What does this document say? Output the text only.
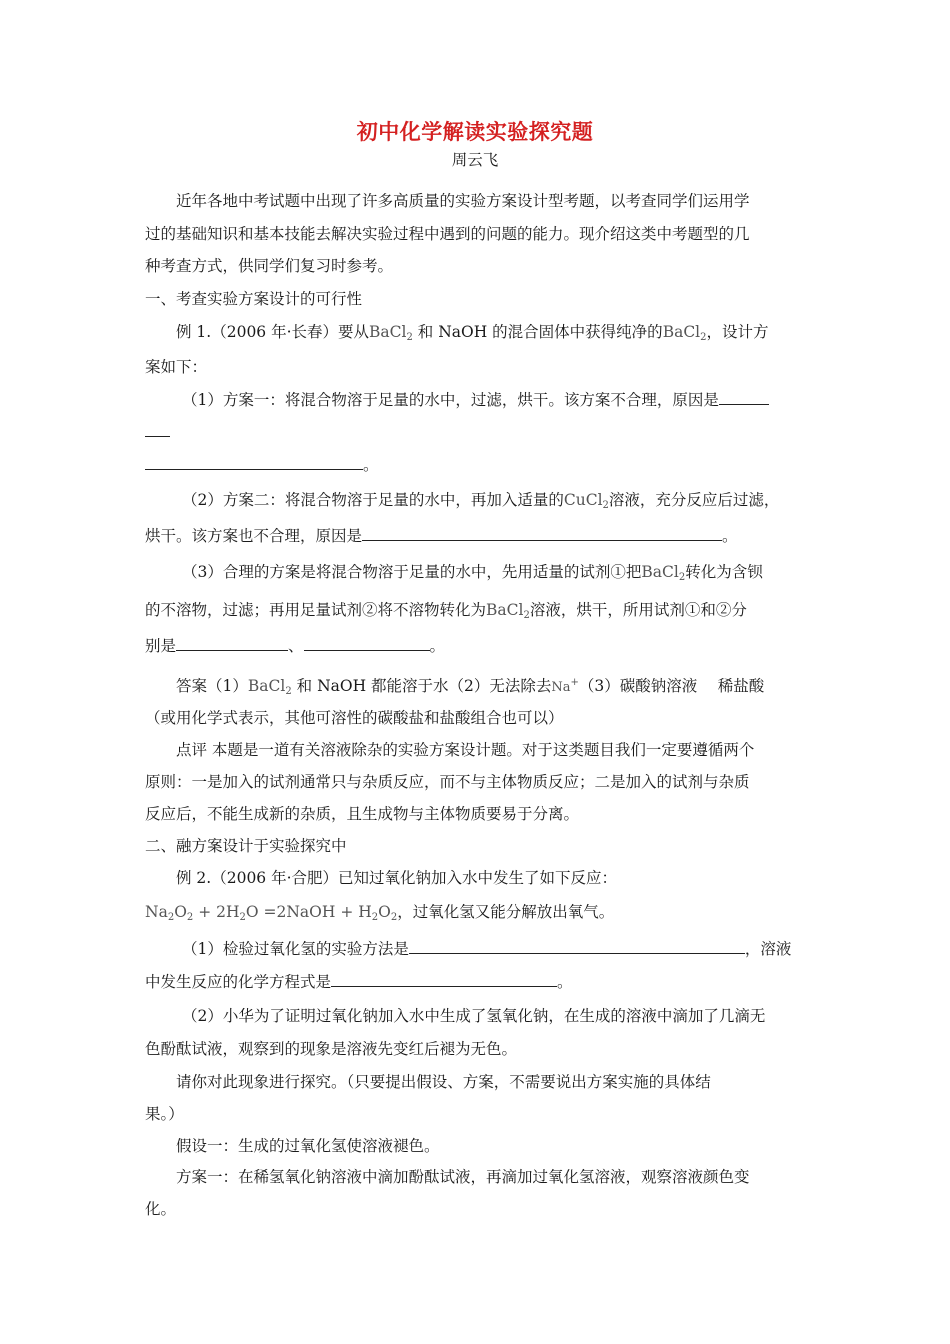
初中化学解读实验探究题
周云飞
近年各地中考试题中出现了许多高质量的实验方案设计型考题，以考查同学们运用学
过的基础知识和基本技能去解决实验过程中遇到的问题的能力。现介绍这类中考题型的几
种考查方式，供同学们复习时参考。
一、考查实验方案设计的可行性
例 1.（2006 年·长春）要从BaCl$_2$ 和 NaOH 的混合固体中获得纯净的BaCl$_2$，设计方
案如下：
（1）方案一：将混合物溶于足量的水中，过滤，烘干。该方案不合理，原因是
。
（2）方案二：将混合物溶于足量的水中，再加入适量的CuCl$_2$溶液，充分反应后过滤，
烘干。该方案也不合理，原因是	。
（3）合理的方案是将混合物溶于足量的水中，先用适量的试剂①把BaCl$_2$转化为含钡
的不溶物，过滤；再用足量试剂②将不溶物转化为BaCl$_2$溶液，烘干，所用试剂①和②分
别是	、	。
答案（1）BaCl$_2$ 和 NaOH 都能溶于水（2）无法除去Na+（3）碳酸钠溶液　 稀盐酸
（或用化学式表示，其他可溶性的碳酸盐和盐酸组合也可以）
点评 本题是一道有关溶液除杂的实验方案设计题。对于这类题目我们一定要遵循两个
原则：一是加入的试剂通常只与杂质反应，而不与主体物质反应；二是加入的试剂与杂质
反应后，不能生成新的杂质，且生成物与主体物质要易于分离。
二、融方案设计于实验探究中
例 2.（2006 年·合肥）已知过氧化钠加入水中发生了如下反应：
$Na_2O_2 + 2H_2O$ =2NaOH + $H_2O_2$，过氧化氢又能分解放出氧气。
（1）检验过氧化氢的实验方法是	，溶液
中发生反应的化学方程式是	。
（2）小华为了证明过氧化钠加入水中生成了氢氧化钠，在生成的溶液中滴加了几滴无
色酚酞试液，观察到的现象是溶液先变红后褪为无色。
请你对此现象进行探究。（只要提出假设、方案，不需要说出方案实施的具体结
果。）
假设一：生成的过氧化氢使溶液褪色。
方案一：在稀氢氧化钠溶液中滴加酚酞试液，再滴加过氧化氢溶液，观察溶液颜色变
化。
